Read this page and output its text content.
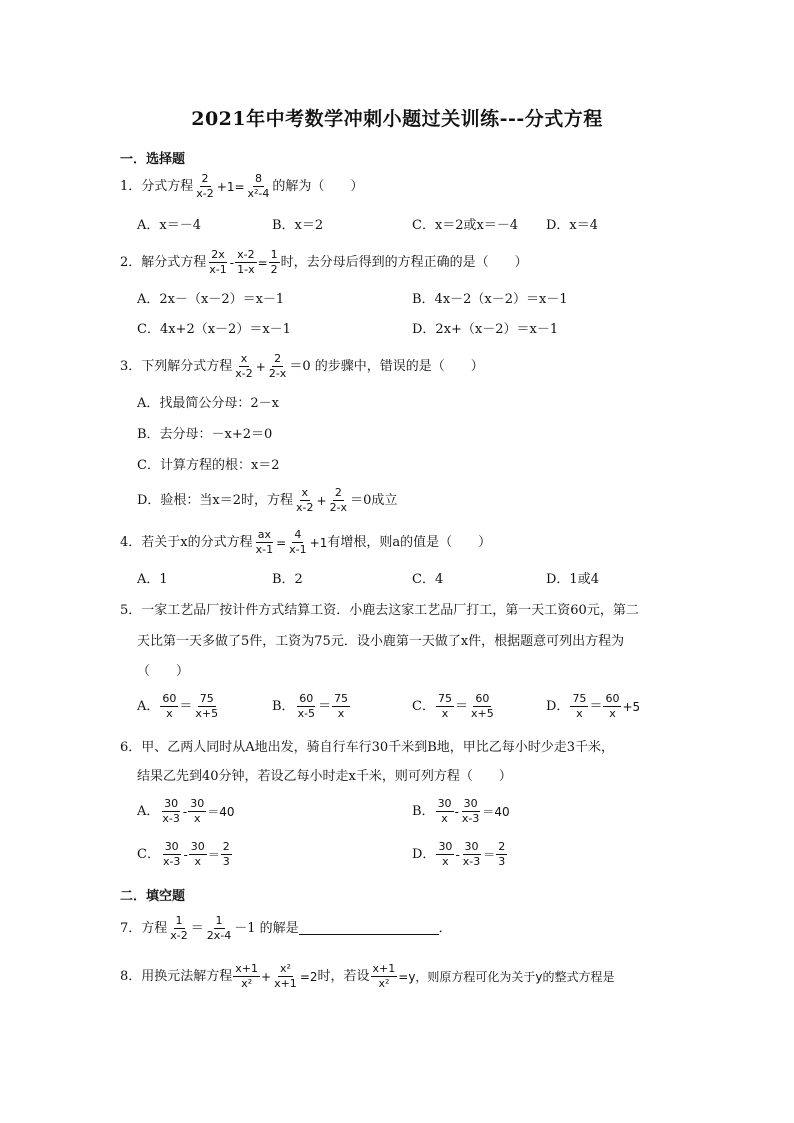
2021年中考数学冲刺小题过关训练---分式方程
一．选择题
1．分式方程 $\frac{2}{x-2} +1= \frac{8}{\text{x²-4}}$ 的解为（　　）
A．x＝－4	B．x＝2	C．x＝2或x＝－4 D．x＝4
2．解分式方程 $\frac{2x}{x-1} - \frac{x-2}{1-x} = \frac{1}{2}$ 时，去分母后得到的方程正确的是（　　）
A．2x－（x－2）＝x－1	B．4x－2（x－2）＝x－1
C．4x+2（x－2）＝x－1	D．2x+（x－2）＝x－1
3．下列解分式方程 $\frac{x}{x-2} + \frac{2}{2-x} =0$ 的步骤中，错误的是（　　）
A．找最简公分母：2－x
B．去分母：－x+2＝0
C．计算方程的根：x＝2
D．验根：当x＝2时，方程 $\frac{x}{x-2} + \frac{2}{2-x} =0$成立
4．若关于x的分式方程 $\frac{ax}{x-1} = \frac{4}{x-1} +1$ 有增根，则a的值是（　　）
A．1	B．2	C．4	D．1或4
5．一家工艺品厂按计件方式结算工资．小鹿去这家工艺品厂打工，第一天工资60元，第二
天比第一天多做了5件，工资为75元．设小鹿第一天做了x件，根据题意可列出方程为
（　　）
A． $\frac{60}{x} = \frac{75}{x+5}$	B． $\frac{60}{x-5} = \frac{75}{x}$	C． $\frac{75}{x} = \frac{60}{x+5}$	D． $\frac{75}{x} = \frac{60}{x} +5$
6．甲、乙两人同时从A地出发，骑自行车行30千米到B地，甲比乙每小时少走3千米，
结果乙先到40分钟，若设乙每小时走x千米，则可列方程（　　）
A． $\frac{30}{x-3} - \frac{30}{x} =40$	B． $\frac{30}{x} - \frac{30}{x-3} =40$
C． $\frac{30}{x-3} - \frac{30}{x} = \frac{2}{3}$	D． $\frac{30}{x} - \frac{30}{x-3} = \frac{2}{3}$
二．填空题
7．方程 $\frac{1}{x-2} = \frac{1}{2x-4} -1$ 的解是	．
8．用换元法解方程 $\frac{x+1}{\text{x²}} + \frac{\text{x²}}{x+1} =2$ 时，若设 $\frac{x+1}{\text{x²}} =y$，则原方程可化为关于y的整式方程是
